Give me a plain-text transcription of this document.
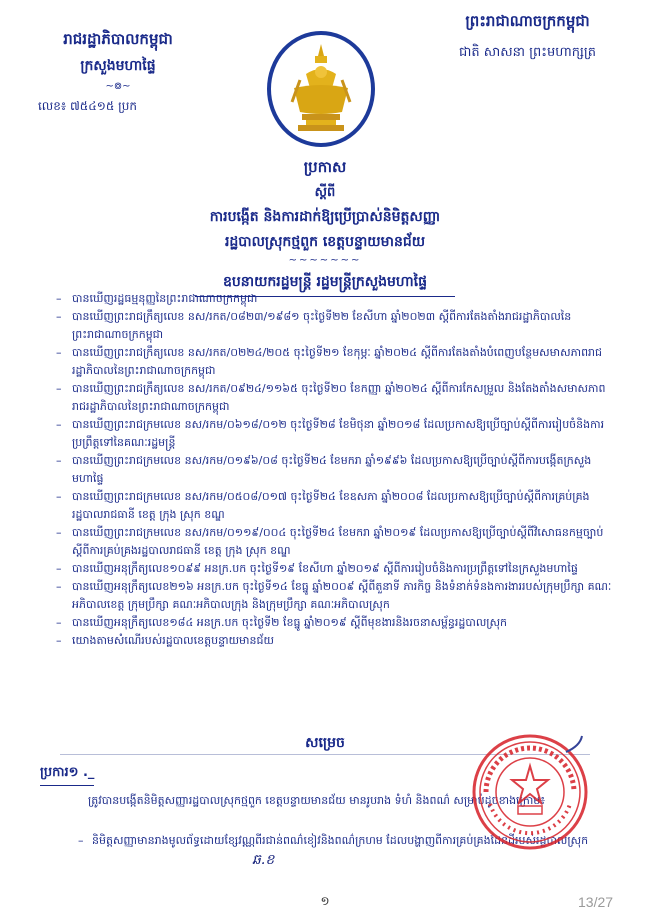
រាជរដ្ឋាភិបាលកម្ពុជា
ក្រសួងមហាផ្ទៃ
~៙~
លេខ៖ ៧៥៤១៥ ប្រក
ព្រះរាជាណាចក្រកម្ពុជា
ជាតិ សាសនា ព្រះមហាក្សត្រ
ប្រកាស
ស្តីពី
ការបង្កើត និងការដាក់ឱ្យប្រើប្រាស់និមិត្តសញ្ញា
រដ្ឋបាលស្រុកថ្មពួក ខេត្តបន្ទាយមានជ័យ
~~~~~~~
ឧបនាយករដ្ឋមន្ត្រី រដ្ឋមន្ត្រីក្រសួងមហាផ្ទៃ
– បានឃើញរដ្ឋធម្មនុញ្ញនៃព្រះរាជាណាចក្រកម្ពុជា
– បានឃើញព្រះរាជក្រឹត្យលេខ នស/រកត/០៨២៣/១៩៨១ ចុះថ្ងៃទី២២ ខែសីហា ឆ្នាំ២០២៣ ស្តីពីការតែងតាំងរាជរដ្ឋាភិបាលនៃព្រះរាជាណាចក្រកម្ពុជា
– បានឃើញព្រះរាជក្រឹត្យលេខ នស/រកត/០២២៤/២០៥ ចុះថ្ងៃទី២១ ខែកុម្ភៈ ឆ្នាំ២០២៤ ស្តីពីការតែងតាំងបំពេញបន្ថែមសមាសភាពរាជរដ្ឋាភិបាលនៃព្រះរាជាណាចក្រកម្ពុជា
– បានឃើញព្រះរាជក្រឹត្យលេខ នស/រកត/០៩២៤/១១៦៥ ចុះថ្ងៃទី២០ ខែកញ្ញា ឆ្នាំ២០២៤ ស្តីពីការកែសម្រួល និងតែងតាំងសមាសភាពរាជរដ្ឋាភិបាលនៃព្រះរាជាណាចក្រកម្ពុជា
– បានឃើញព្រះរាជក្រមលេខ នស/រកម/០៦១៨/០១២ ចុះថ្ងៃទី២៨ ខែមិថុនា ឆ្នាំ២០១៨ ដែលប្រកាសឱ្យប្រើច្បាប់ស្តីពីការរៀបចំនិងការប្រព្រឹត្តទៅនៃគណៈរដ្ឋមន្ត្រី
– បានឃើញព្រះរាជក្រមលេខ នស/រកម/០១៩៦/០៨ ចុះថ្ងៃទី២៤ ខែមករា ឆ្នាំ១៩៩៦ ដែលប្រកាសឱ្យប្រើច្បាប់ស្តីពីការបង្កើតក្រសួងមហាផ្ទៃ
– បានឃើញព្រះរាជក្រមលេខ នស/រកម/០៥០៨/០១៧ ចុះថ្ងៃទី២៤ ខែឧសភា ឆ្នាំ២០០៨ ដែលប្រកាសឱ្យប្រើច្បាប់ស្តីពីការគ្រប់គ្រងរដ្ឋបាលរាជធានី ខេត្ត ក្រុង ស្រុក ខណ្ឌ
– បានឃើញព្រះរាជក្រមលេខ នស/រកម/០១១៩/០០៤ ចុះថ្ងៃទី២៤ ខែមករា ឆ្នាំ២០១៩ ដែលប្រកាសឱ្យប្រើច្បាប់ស្តីពីវិសោធនកម្មច្បាប់ស្តីពីការគ្រប់គ្រងរដ្ឋបាលរាជធានី ខេត្ត ក្រុង ស្រុក ខណ្ឌ
– បានឃើញអនុក្រឹត្យលេខ១០៩៩ អនក្រ.បក ចុះថ្ងៃទី១៩ ខែសីហា ឆ្នាំ២០១៩ ស្តីពីការរៀបចំនិងការប្រព្រឹត្តទៅនៃក្រសួងមហាផ្ទៃ
– បានឃើញអនុក្រឹត្យលេខ២១៦ អនក្រ.បក ចុះថ្ងៃទី១៤ ខែធ្នូ ឆ្នាំ២០០៩ ស្តីពីតួនាទី ភារកិច្ច និងទំនាក់ទំនងការងាររបស់ក្រុមប្រឹក្សា គណៈអភិបាលខេត្ត ក្រុមប្រឹក្សា គណៈអភិបាលក្រុង និងក្រុមប្រឹក្សា គណៈអភិបាលស្រុក
– បានឃើញអនុក្រឹត្យលេខ១៨៤ អនក្រ.បក ចុះថ្ងៃទី២ ខែធ្នូ ឆ្នាំ២០១៩ ស្តីពីមុខងារនិងរចនាសម្ព័ន្ធរដ្ឋបាលស្រុក
– យោងតាមសំណើរបស់រដ្ឋបាលខេត្តបន្ទាយមានជ័យ
សម្រេច
ប្រការ១ ._
ត្រូវបានបង្កើតនិមិត្តសញ្ញារដ្ឋបាលស្រុកថ្មពួក ខេត្តបន្ទាយមានជ័យ មានរូបរាង ទំហំ និងពណ៌ សម្រាប់ដូចខាងក្រោម៖
– និមិត្តសញ្ញាមានរាងមូលព័ទ្ធដោយខ្សែវណ្ណពីរជាន់ពណ៌ខៀវនិងពណ៌ក្រហម ដែលបង្ហាញពីការគ្រប់គ្រងដែនដីរបស់រដ្ឋបាលស្រុក
ឆ.ខ
១	13/27
